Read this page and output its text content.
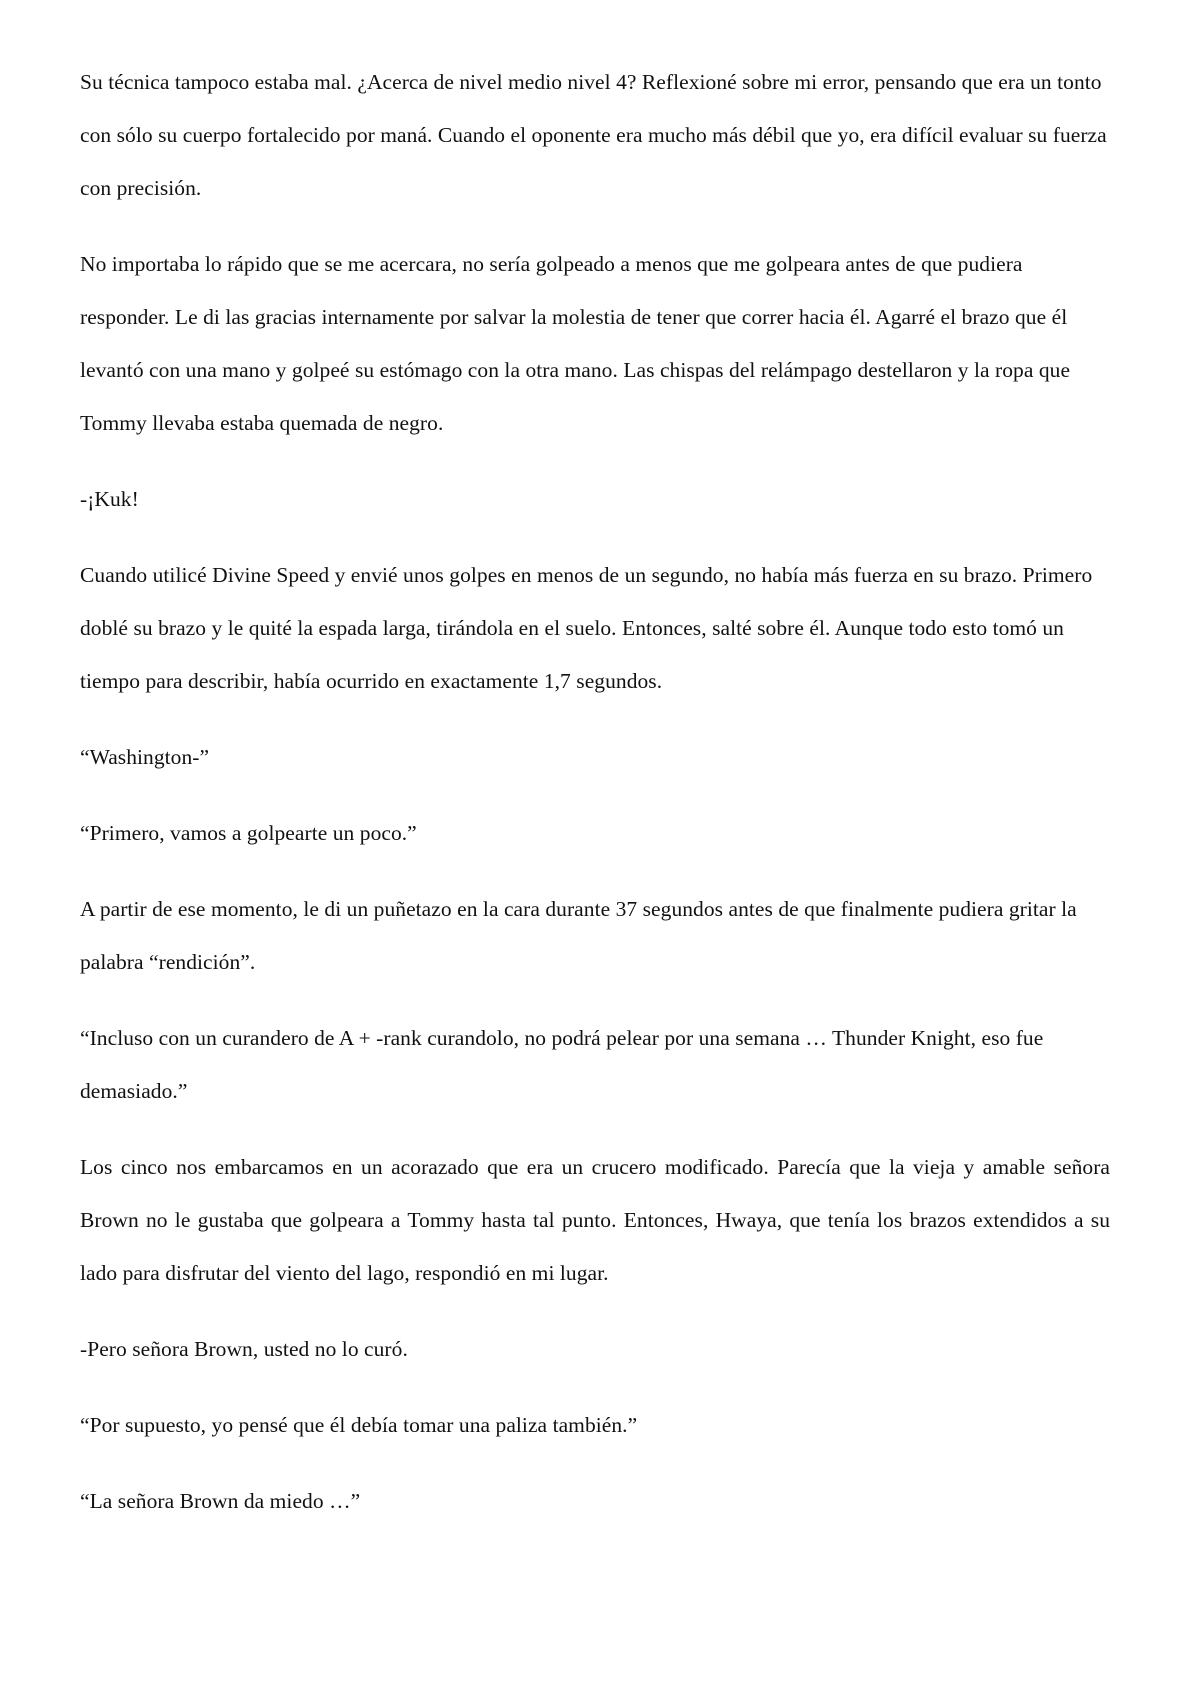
Su técnica tampoco estaba mal. ¿Acerca de nivel medio nivel 4? Reflexioné sobre mi error, pensando que era un tonto con sólo su cuerpo fortalecido por maná. Cuando el oponente era mucho más débil que yo, era difícil evaluar su fuerza con precisión.

No importaba lo rápido que se me acercara, no sería golpeado a menos que me golpeara antes de que pudiera responder. Le di las gracias internamente por salvar la molestia de tener que correr hacia él. Agarré el brazo que él levantó con una mano y golpeé su estómago con la otra mano. Las chispas del relámpago destellaron y la ropa que Tommy llevaba estaba quemada de negro.

-¡Kuk!

Cuando utilicé Divine Speed y envié unos golpes en menos de un segundo, no había más fuerza en su brazo. Primero doblé su brazo y le quité la espada larga, tirándola en el suelo. Entonces, salté sobre él. Aunque todo esto tomó un tiempo para describir, había ocurrido en exactamente 1,7 segundos.

“Washington-”

“Primero, vamos a golpearte un poco.”

A partir de ese momento, le di un puñetazo en la cara durante 37 segundos antes de que finalmente pudiera gritar la palabra “rendición”.

“Incluso con un curandero de A + -rank curandolo, no podrá pelear por una semana … Thunder Knight, eso fue demasiado.”

Los cinco nos embarcamos en un acorazado que era un crucero modificado. Parecía que la vieja y amable señora Brown no le gustaba que golpeara a Tommy hasta tal punto. Entonces, Hwaya, que tenía los brazos extendidos a su lado para disfrutar del viento del lago, respondió en mi lugar.

-Pero señora Brown, usted no lo curó.

“Por supuesto, yo pensé que él debía tomar una paliza también.”

“La señora Brown da miedo …”
